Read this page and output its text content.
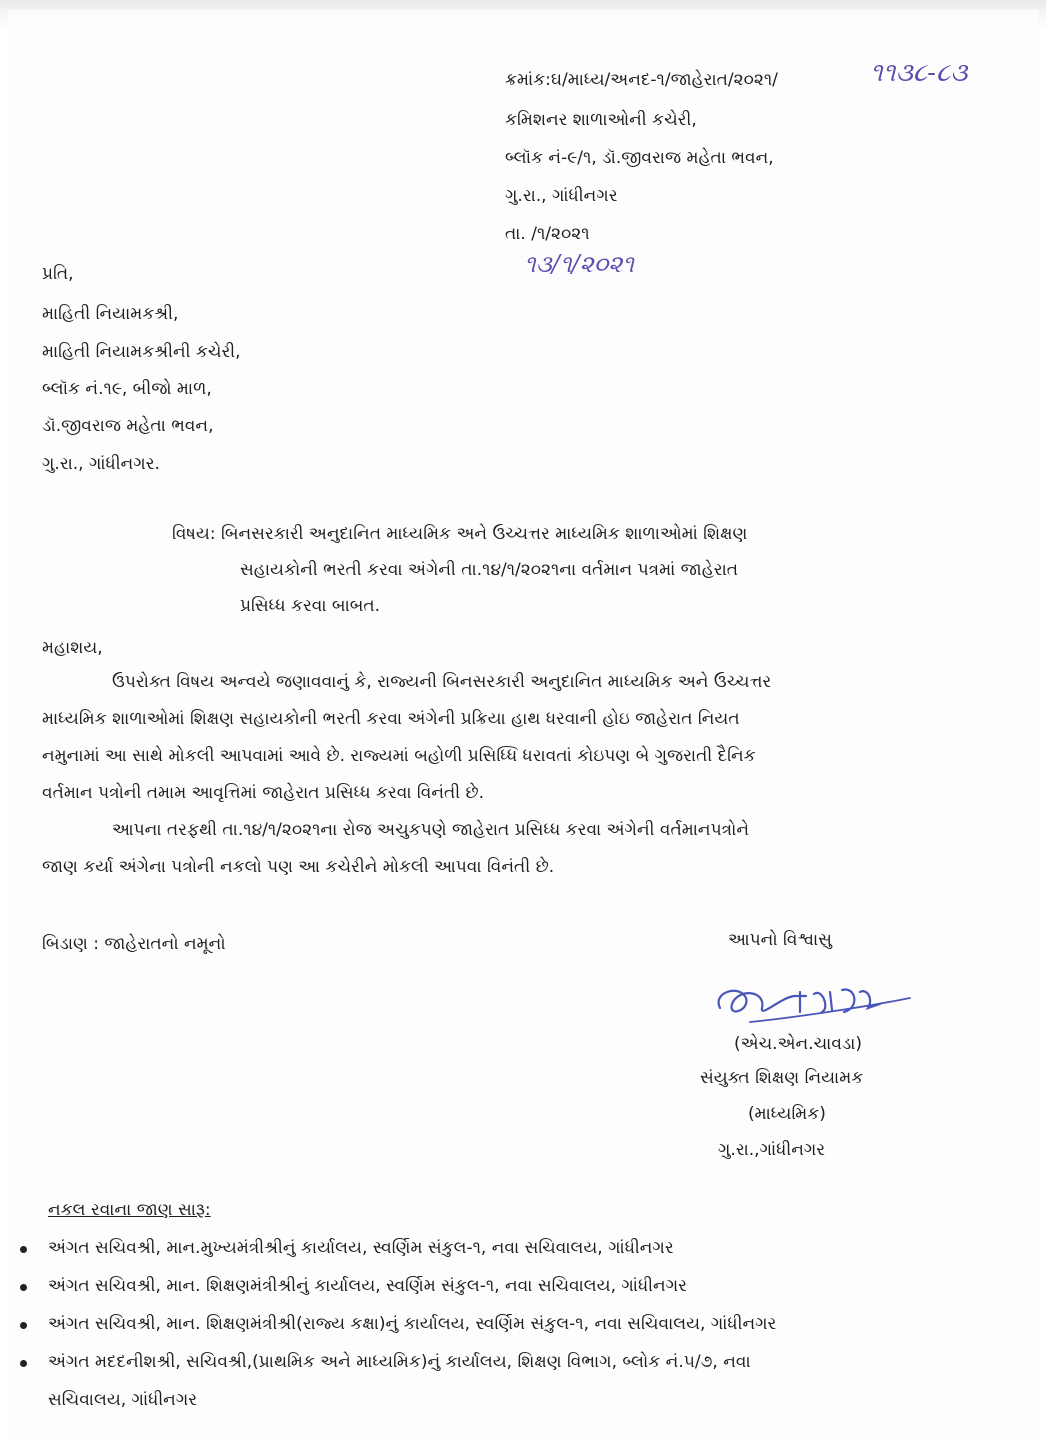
ક્રમાંક:ઘ/માધ્ય/અનદ-૧/જાહેરાત/૨૦૨૧/	૧૧૩૮-૮૩
કમિશનર શાળાઓની કચેરી,
બ્લૉક નં-૯/૧, ડૉ.જીવરાજ મહેતા ભવન,
ગુ.રા., ગાંધીનગર
તા. /૧/૨૦૨૧
૧૩/૧/૨૦૨૧
પ્રતિ,
માહિતી નિયામકશ્રી,
માહિતી નિયામકશ્રીની કચેરી,
બ્લૉક નં.૧૯, બીજો માળ,
ડૉ.જીવરાજ મહેતા ભવન,
ગુ.રા., ગાંધીનગર.
વિષય: બિનસરકારી અનુદાનિત માધ્યમિક અને ઉચ્ચત્તર માધ્યમિક શાળાઓમાં શિક્ષણ
સહાયકોની ભરતી કરવા અંગેની તા.૧૪/૧/૨૦૨૧ના વર્તમાન પત્રમાં જાહેરાત
પ્રસિધ્ધ કરવા બાબત.
મહાશય,
ઉપરોક્ત વિષય અન્વયે જણાવવાનું કે, રાજ્યની બિનસરકારી અનુદાનિત માધ્યમિક અને ઉચ્ચત્તર
માધ્યમિક શાળાઓમાં શિક્ષણ સહાયકોની ભરતી કરવા અંગેની પ્રક્રિયા હાથ ધરવાની હોઇ જાહેરાત નિયત
નમુનામાં આ સાથે મોકલી આપવામાં આવે છે. રાજ્યમાં બહોળી પ્રસિધ્ધિ ધરાવતાં કોઇપણ બે ગુજરાતી દૈનિક
વર્તમાન પત્રોની તમામ આવૃત્તિમાં જાહેરાત પ્રસિધ્ધ કરવા વિનંતી છે.
આપના તરફથી તા.૧૪/૧/૨૦૨૧ના રોજ અચુકપણે જાહેરાત પ્રસિધ્ધ કરવા અંગેની વર્તમાનપત્રોને
જાણ કર્યા અંગેના પત્રોની નકલો પણ આ કચેરીને મોકલી આપવા વિનંતી છે.
બિડાણ : જાહેરાતનો નમૂનો	આપનો વિશ્વાસુ
(એચ.એન.ચાવડા)
સંયુક્ત શિક્ષણ નિયામક
(માધ્યમિક)
ગુ.રા.,ગાંધીનગર
નકલ રવાના જાણ સારૂ:
અંગત સચિવશ્રી, માન.મુખ્યમંત્રીશ્રીનું કાર્યાલય, સ્વર્ણિમ સંકુલ-૧, નવા સચિવાલય, ગાંધીનગર
અંગત સચિવશ્રી, માન. શિક્ષણમંત્રીશ્રીનું કાર્યાલય, સ્વર્ણિમ સંકુલ-૧, નવા સચિવાલય, ગાંધીનગર
અંગત સચિવશ્રી, માન. શિક્ષણમંત્રીશ્રી(રાજ્ય કક્ષા)નું કાર્યાલય, સ્વર્ણિમ સંકુલ-૧, નવા સચિવાલય, ગાંધીનગર
અંગત મદદનીશશ્રી, સચિવશ્રી,(પ્રાથમિક અને માધ્યમિક)નું કાર્યાલય, શિક્ષણ વિભાગ, બ્લોક નં.૫/૭, નવા
સચિવાલય, ગાંધીનગર
